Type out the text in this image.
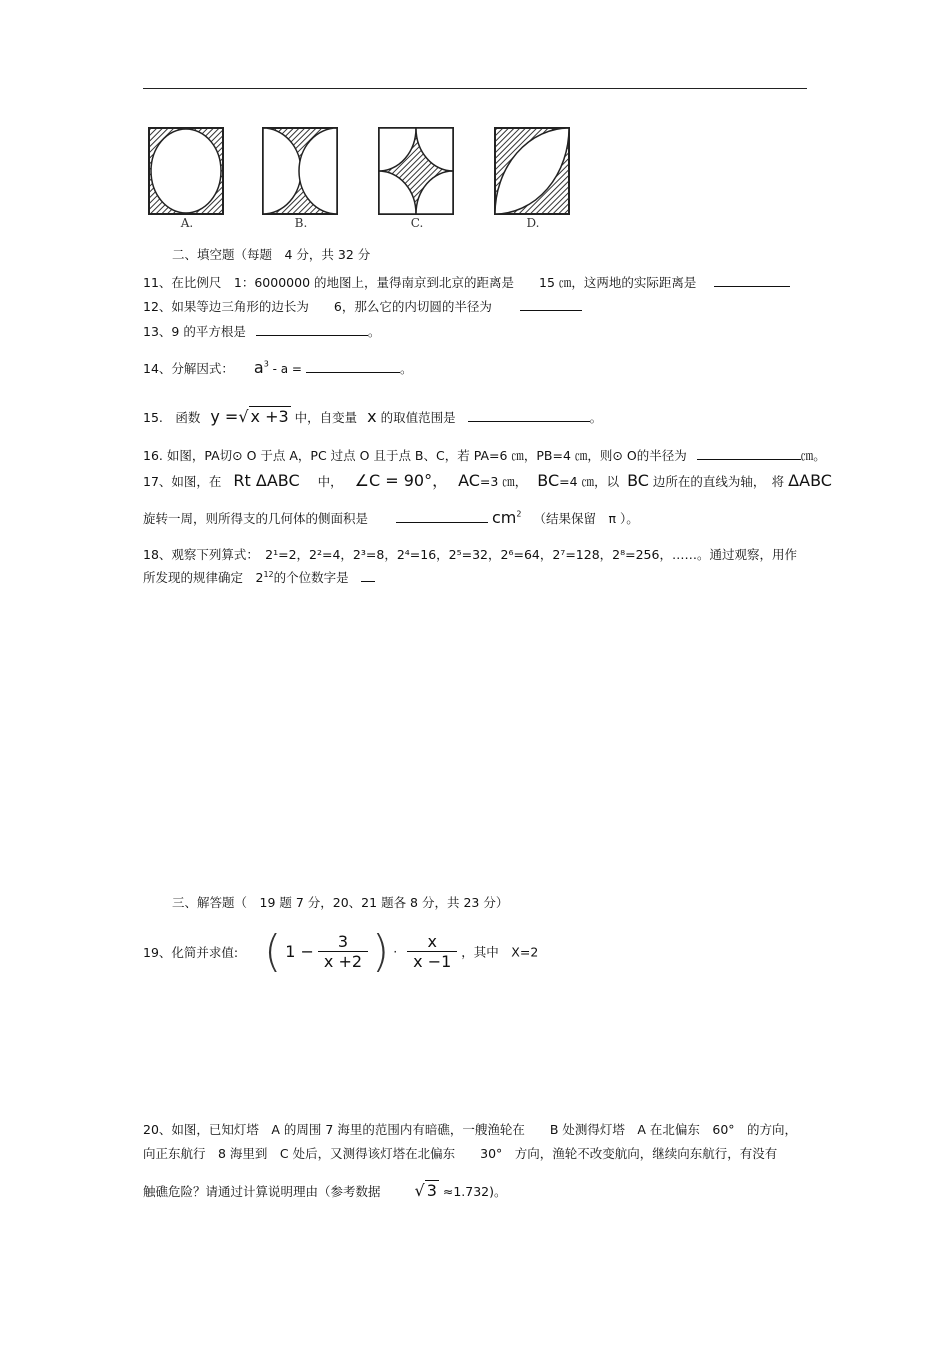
A.	B.	C.	D.
二、填空题（每题　4 分，共 32 分
11、在比例尺　1：6000000 的地图上，量得南京到北京的距离是　　15 ㎝，这两地的实际距离是
12、如果等边三角形的边长为　　6，那么它的内切圆的半径为
13、9 的平方根是	。
14、分解因式： $a^3$ - a =	。
15.　函数 y =√ x +3 中，自变量 x 的取值范围是	。
16. 如图，PA切⊙ O 于点 A，PC 过点 O 且于点 B、C，若 PA=6 ㎝，PB=4 ㎝，则⊙ O的半径为	㎝。
17、如图，在 Rt ΔABC 中， ∠C = 90°， AC=3 ㎝， BC=4 ㎝，以 BC 边所在的直线为轴，　将 ΔABC
旋转一周，则所得支的几何体的侧面积是	$cm^2$ （结果保留　π ）。
18、观察下列算式：　2¹=2，2²=4，2³=8，2⁴=16，2⁵=32，2⁶=64，2⁷=128，2⁸=256，……。通过观察，用作
所发现的规律确定　$2^{12}$的个位数字是
三、解答题（　19 题 7 分，20、21 题各 8 分，共 23 分）
19、化简并求值: ( $1 - \frac{3}{x +2}$ ) · $\frac{x}{x -1}$ ，其中　X=2
20、如图，已知灯塔　A 的周围 7 海里的范围内有暗礁，一艘渔轮在　　B 处测得灯塔　A 在北偏东　60°　的方向，
向正东航行　8 海里到　C 处后，又测得该灯塔在北偏东　　30°　方向，渔轮不改变航向，继续向东航行，有没有
触礁危险？请通过计算说明理由（参考数据 √ 3 ≈1.732)。
